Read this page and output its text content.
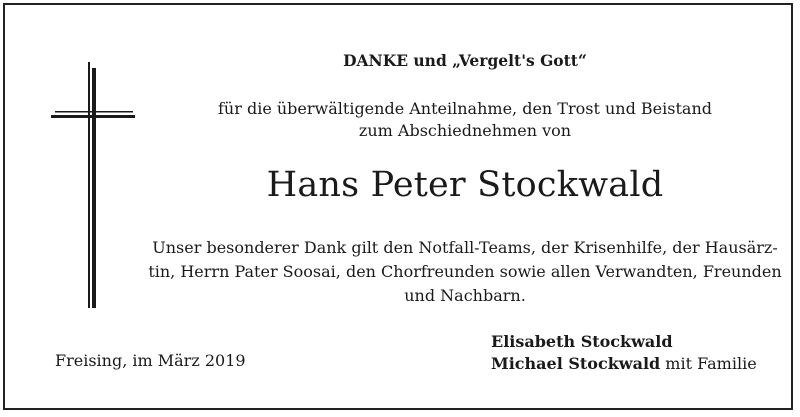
DANKE und „Vergelt's Gott“

für die überwältigende Anteilnahme, den Trost und Beistand

zum Abschiednehmen von

Hans Peter Stockwald

Unser besonderer Dank gilt den Notfall-Teams, der Krisenhilfe, der Hausärz-

tin, Herrn Pater Soosai, den Chorfreunden sowie allen Verwandten, Freunden

und Nachbarn.

Freising, im März 2019

Elisabeth Stockwald

Michael Stockwald mit Familie
